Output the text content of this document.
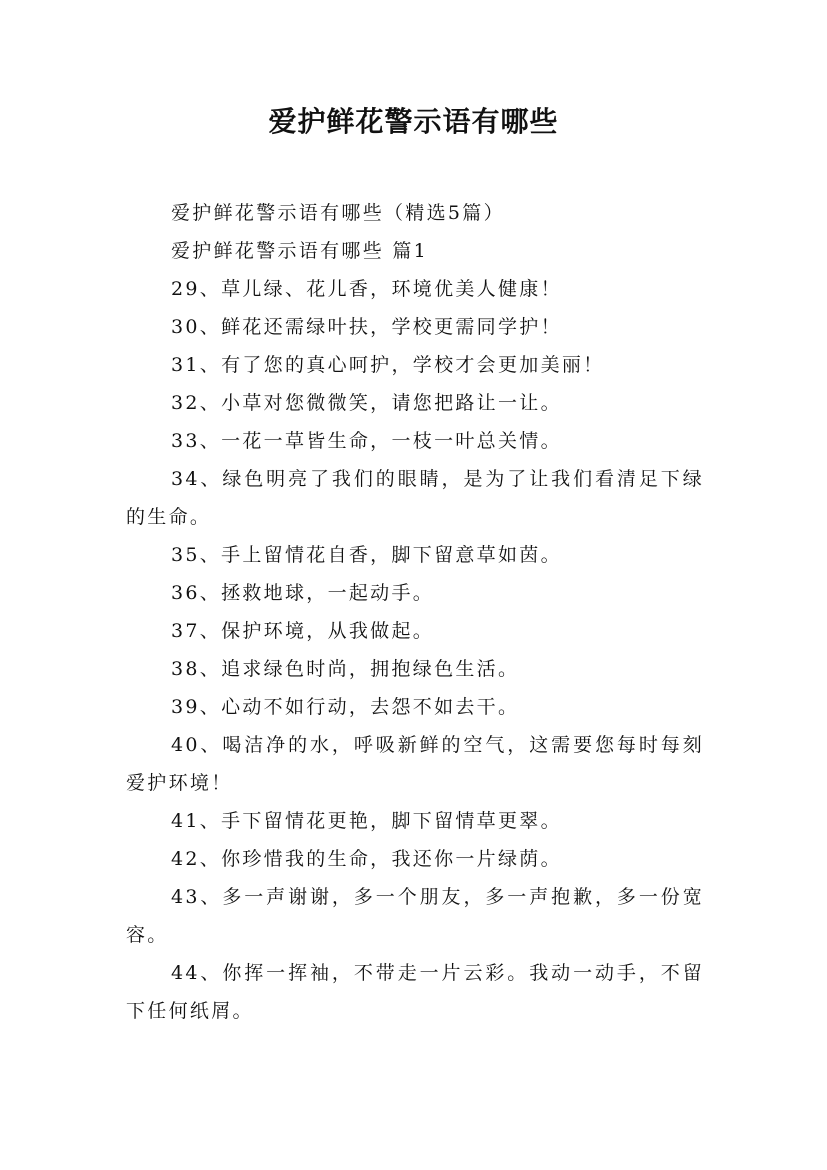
爱护鲜花警示语有哪些

爱护鲜花警示语有哪些（精选5篇）

爱护鲜花警示语有哪些 篇1

29、草儿绿、花儿香，环境优美人健康！

30、鲜花还需绿叶扶，学校更需同学护！

31、有了您的真心呵护，学校才会更加美丽！

32、小草对您微微笑，请您把路让一让。

33、一花一草皆生命，一枝一叶总关情。

34、绿色明亮了我们的眼睛，是为了让我们看清足下绿的生命。

35、手上留情花自香，脚下留意草如茵。

36、拯救地球，一起动手。

37、保护环境，从我做起。

38、追求绿色时尚，拥抱绿色生活。

39、心动不如行动，去怨不如去干。

40、喝洁净的水，呼吸新鲜的空气，这需要您每时每刻爱护环境！

41、手下留情花更艳，脚下留情草更翠。

42、你珍惜我的生命，我还你一片绿荫。

43、多一声谢谢，多一个朋友，多一声抱歉，多一份宽容。

44、你挥一挥袖，不带走一片云彩。我动一动手，不留下任何纸屑。
